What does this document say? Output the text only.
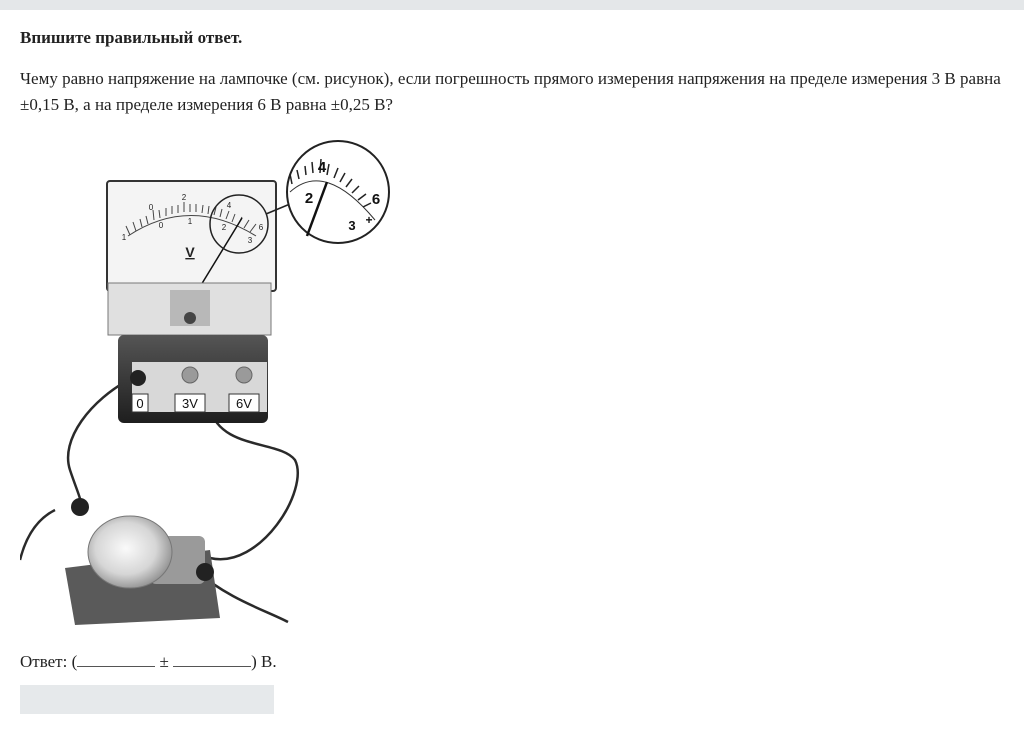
Впишите правильный ответ.
Чему равно напряжение на лампочке (см. рисунок), если погрешность прямого измерения напряжения на пределе измерения 3 В равна ±0,15 В, а на пределе измерения 6 В равна ±0,25 В?
0
2
4
6
1
0	1
2
3
V
4
2	6
3 +
0	3V	6V
Ответ: (	±	) В.
